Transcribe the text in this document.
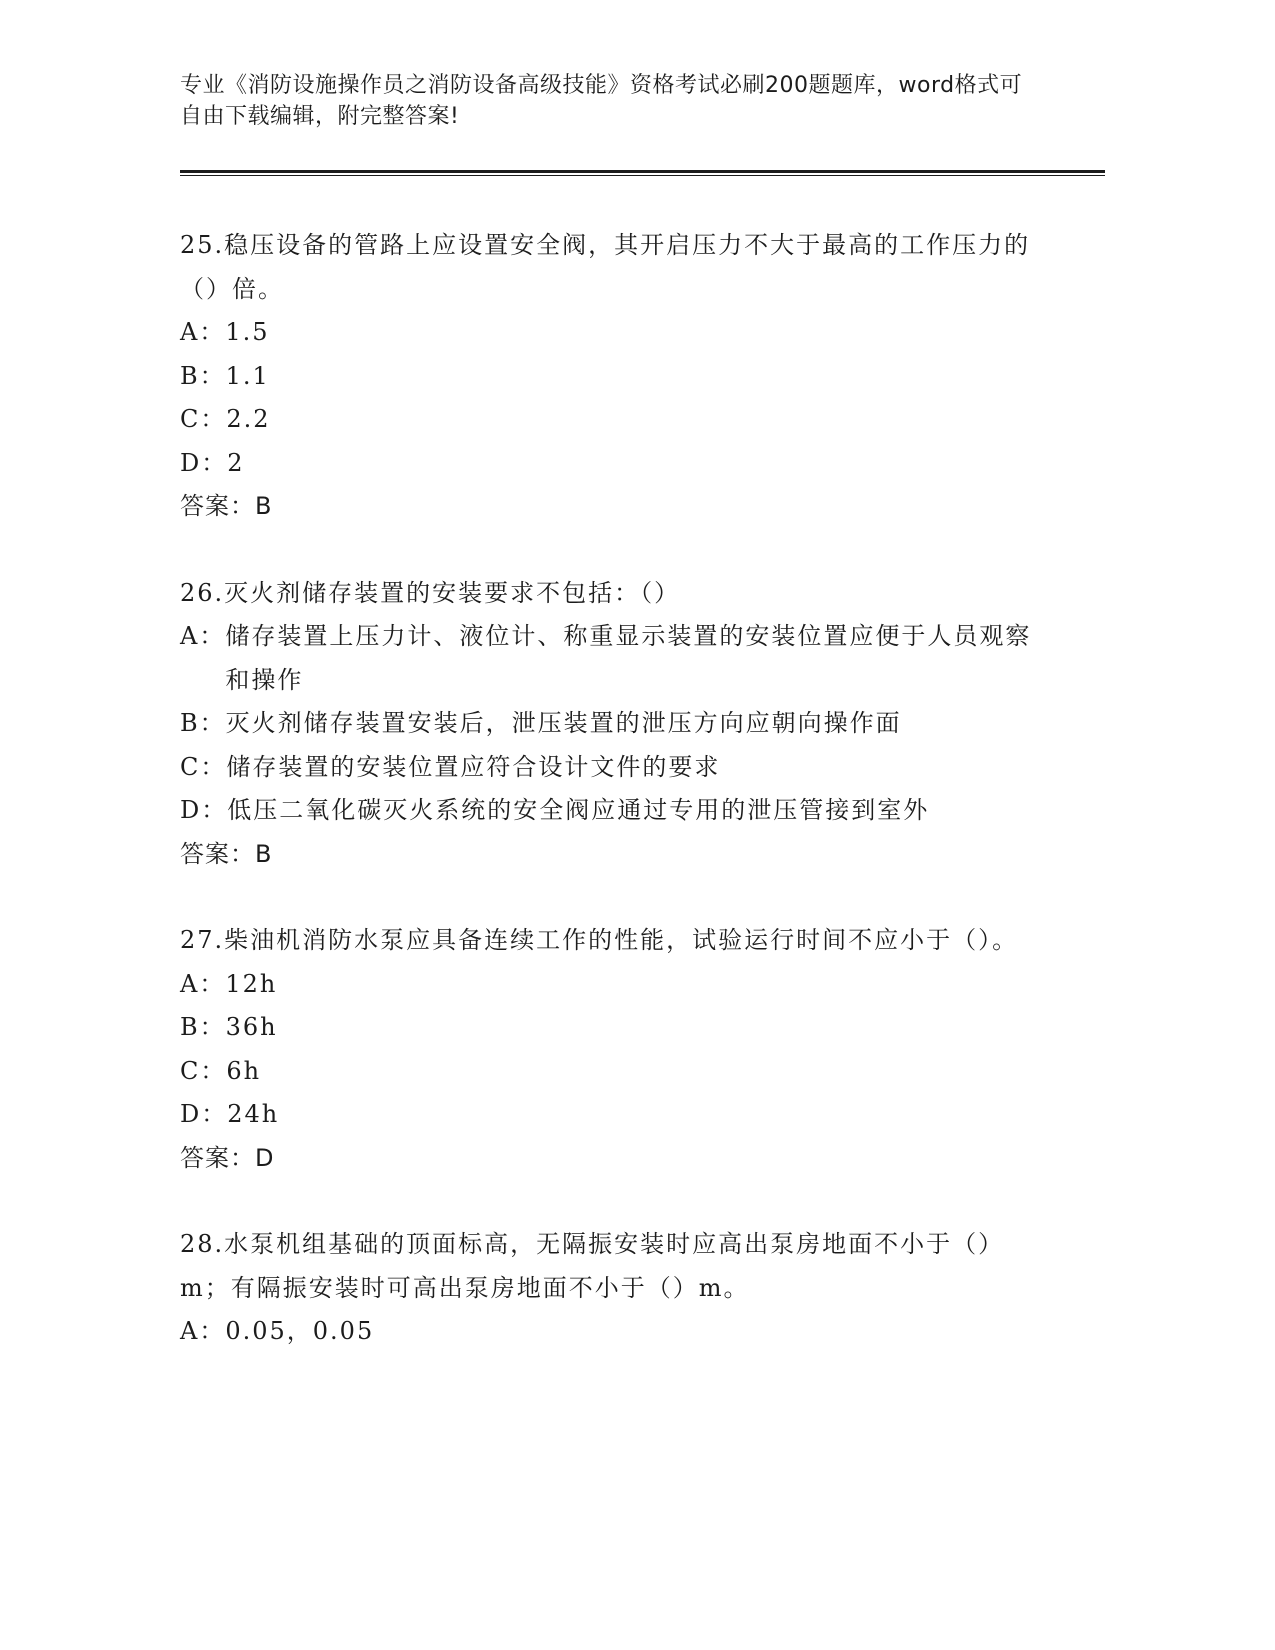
专业《消防设施操作员之消防设备高级技能》资格考试必刷200题题库，word格式可自由下载编辑，附完整答案!

25.稳压设备的管路上应设置安全阀，其开启压力不大于最高的工作压力的（）倍。

A： 1.5

B： 1.1

C： 2.2

D： 2

答案：B

26.灭火剂储存装置的安装要求不包括：（）

A： 储存装置上压力计、液位计、称重显示装置的安装位置应便于人员观察和操作

B： 灭火剂储存装置安装后，泄压装置的泄压方向应朝向操作面

C： 储存装置的安装位置应符合设计文件的要求

D： 低压二氧化碳灭火系统的安全阀应通过专用的泄压管接到室外

答案：B

27.柴油机消防水泵应具备连续工作的性能，试验运行时间不应小于（）。

A： 12h

B： 36h

C： 6h

D： 24h

答案：D

28.水泵机组基础的顶面标高，无隔振安装时应高出泵房地面不小于（）m；有隔振安装时可高出泵房地面不小于（）m。

A： 0.05，0.05
